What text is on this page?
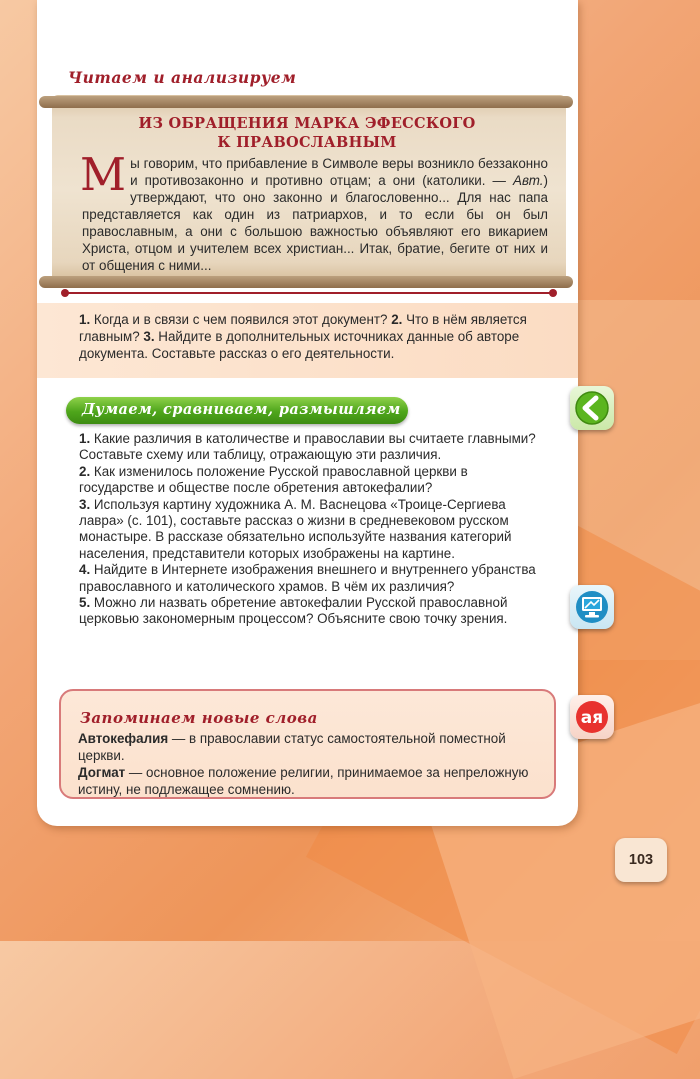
Читаем и анализируем
ИЗ ОБРАЩЕНИЯ МАРКА ЭФЕССКОГО
К ПРАВОСЛАВНЫМ
Мы говорим, что прибавление в Символе веры возникло беззаконно и противозаконно и противно отцам; а они (католики. — Авт.) утверждают, что оно законно и благословенно... Для нас папа представляется как один из патриархов, и то если бы он был православным, а они с большою важностью объявляют его викарием Христа, отцом и учителем всех христиан... Итак, братие, бегите от них и от общения с ними...
1. Когда и в связи с чем появился этот документ? 2. Что в нём является главным? 3. Найдите в дополнительных источниках данные об авторе документа. Составьте рассказ о его деятельности.
Думаем, сравниваем, размышляем

1. Какие различия в католичестве и православии вы считаете главными? Составьте схему или таблицу, отражающую эти различия.

2. Как изменилось положение Русской православной церкви в государстве и обществе после обретения автокефалии?

3. Используя картину художника А. М. Васнецова «Троице-Сергиева лавра» (с. 101), составьте рассказ о жизни в средневековом русском монастыре. В рассказе обязательно используйте названия категорий населения, представители которых изображены на картине.

4. Найдите в Интернете изображения внешнего и внутреннего убранства православного и католического храмов. В чём их различия?

5. Можно ли назвать обретение автокефалии Русской православной церковью закономерным процессом? Объясните свою точку зрения.

Запоминаем новые слова

Автокефалия — в православии статус самостоятельной поместной церкви.

Догмат — основное положение религии, принимаемое за непреложную истину, не подлежащее сомнению.

ая
103
